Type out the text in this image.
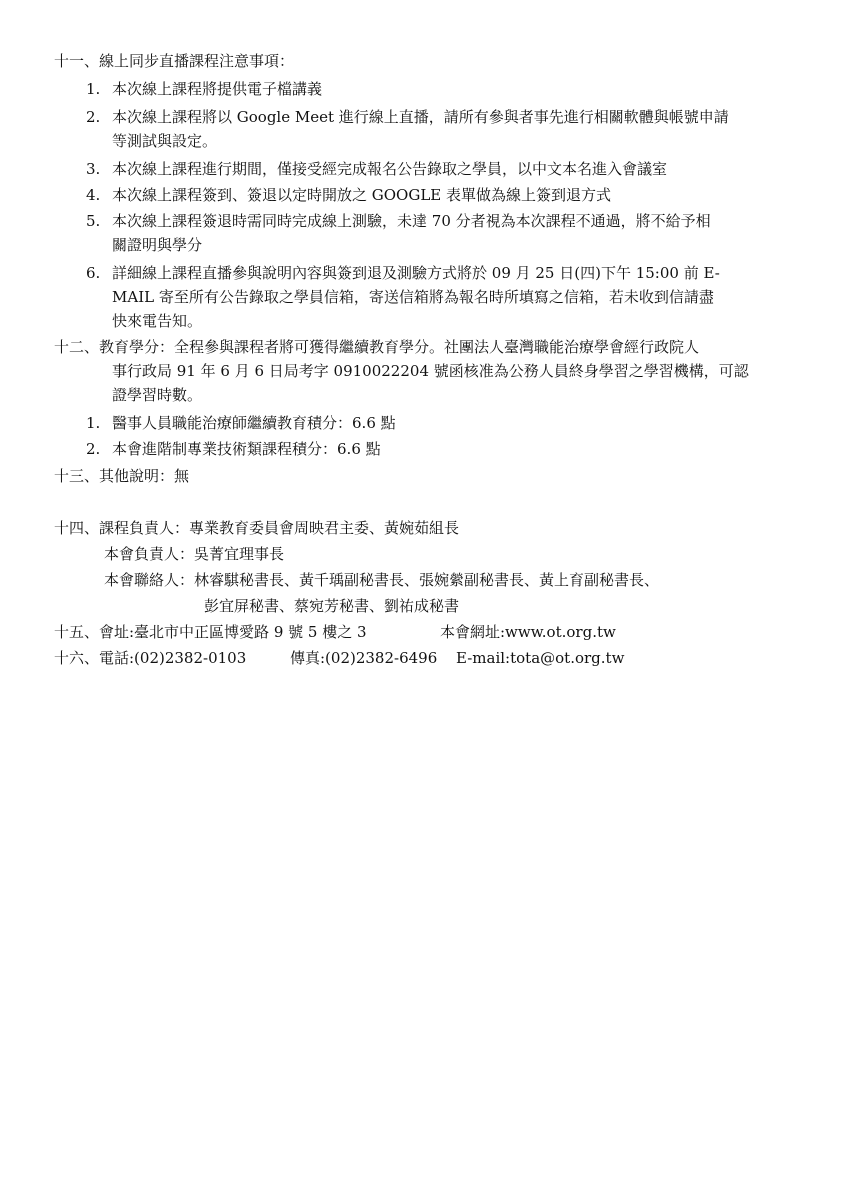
十一、線上同步直播課程注意事項：
1. 本次線上課程將提供電子檔講義
2. 本次線上課程將以 Google Meet 進行線上直播，請所有參與者事先進行相關軟體與帳號申請
等測試與設定。
3. 本次線上課程進行期間，僅接受經完成報名公告錄取之學員，以中文本名進入會議室
4. 本次線上課程簽到、簽退以定時開放之 GOOGLE 表單做為線上簽到退方式
5. 本次線上課程簽退時需同時完成線上測驗，未達 70 分者視為本次課程不通過，將不給予相
關證明與學分
6. 詳細線上課程直播參與說明內容與簽到退及測驗方式將於 09 月 25 日(四)下午 15:00 前 E-
MAIL 寄至所有公告錄取之學員信箱，寄送信箱將為報名時所填寫之信箱，若未收到信請盡
快來電告知。
十二、教育學分：全程參與課程者將可獲得繼續教育學分。社團法人臺灣職能治療學會經行政院人
事行政局 91 年 6 月 6 日局考字 0910022204 號函核准為公務人員終身學習之學習機構，可認
證學習時數。
1. 醫事人員職能治療師繼續教育積分：6.6 點
2. 本會進階制專業技術類課程積分：6.6 點
十三、其他說明：無
十四、課程負責人：專業教育委員會周映君主委、黃婉茹組長
本會負責人：吳菁宜理事長
本會聯絡人：林睿騏秘書長、黃千瑀副秘書長、張婉縈副秘書長、黃上育副秘書長、
彭宜屏秘書、蔡宛芳秘書、劉祐成秘書
十五、會址:臺北市中正區博愛路 9 號 5 樓之 3	本會網址:www.ot.org.tw
十六、電話:(02)2382-0103	傳真:(02)2382-6496 E-mail:tota@ot.org.tw
